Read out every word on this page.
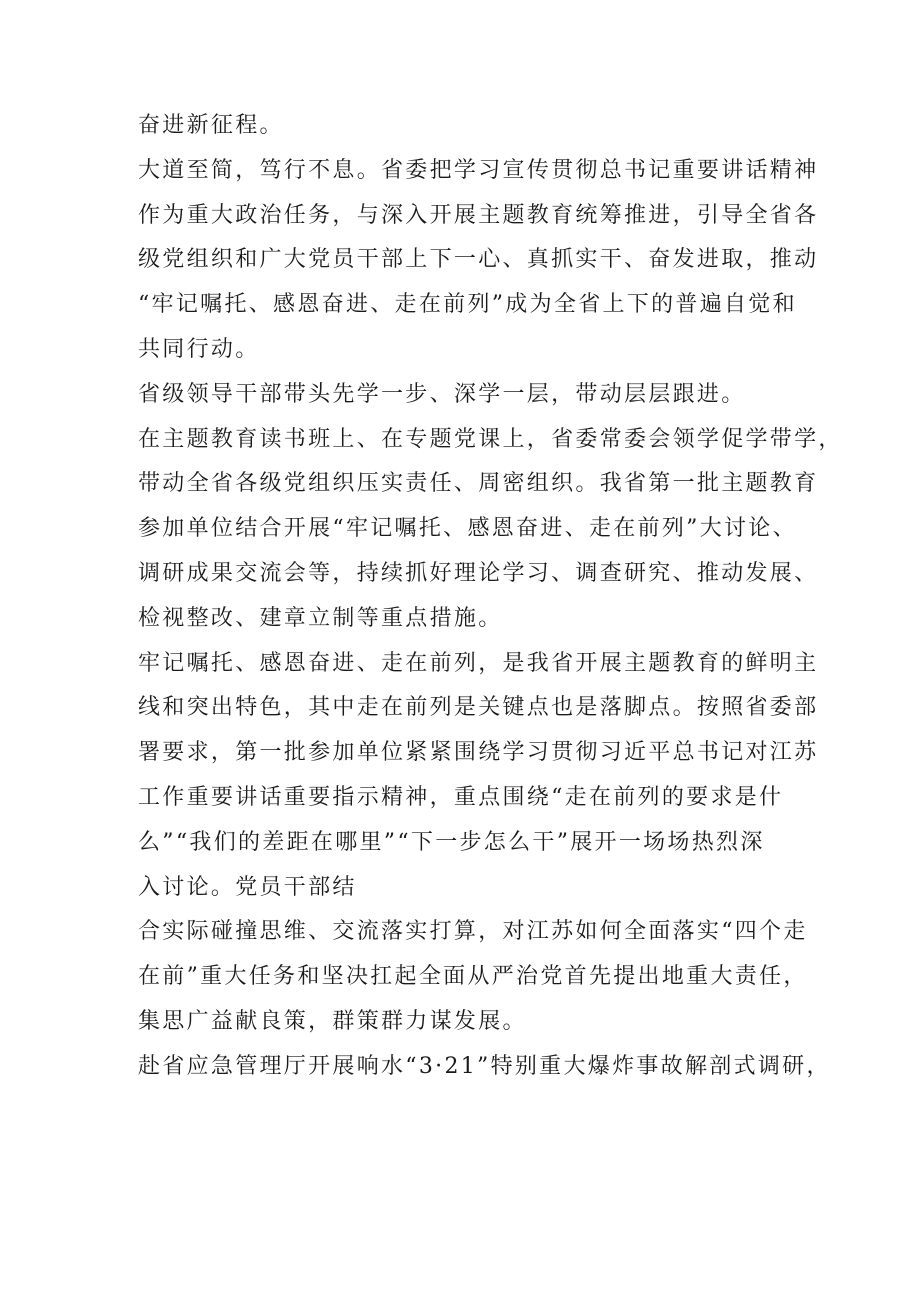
奋进新征程。
大道至简，笃行不息。省委把学习宣传贯彻总书记重要讲话精神
作为重大政治任务，与深入开展主题教育统筹推进，引导全省各
级党组织和广大党员干部上下一心、真抓实干、奋发进取，推动
“牢记嘱托、感恩奋进、走在前列”成为全省上下的普遍自觉和
共同行动。
省级领导干部带头先学一步、深学一层，带动层层跟进。
在主题教育读书班上、在专题党课上，省委常委会领学促学带学，
带动全省各级党组织压实责任、周密组织。我省第一批主题教育
参加单位结合开展“牢记嘱托、感恩奋进、走在前列”大讨论、
调研成果交流会等，持续抓好理论学习、调查研究、推动发展、
检视整改、建章立制等重点措施。
牢记嘱托、感恩奋进、走在前列，是我省开展主题教育的鲜明主
线和突出特色，其中走在前列是关键点也是落脚点。按照省委部
署要求，第一批参加单位紧紧围绕学习贯彻习近平总书记对江苏
工作重要讲话重要指示精神，重点围绕“走在前列的要求是什
么”“我们的差距在哪里”“下一步怎么干”展开一场场热烈深
入讨论。党员干部结
合实际碰撞思维、交流落实打算，对江苏如何全面落实“四个走
在前”重大任务和坚决扛起全面从严治党首先提出地重大责任，
集思广益献良策，群策群力谋发展。
赴省应急管理厅开展响水“3·21”特别重大爆炸事故解剖式调研，
